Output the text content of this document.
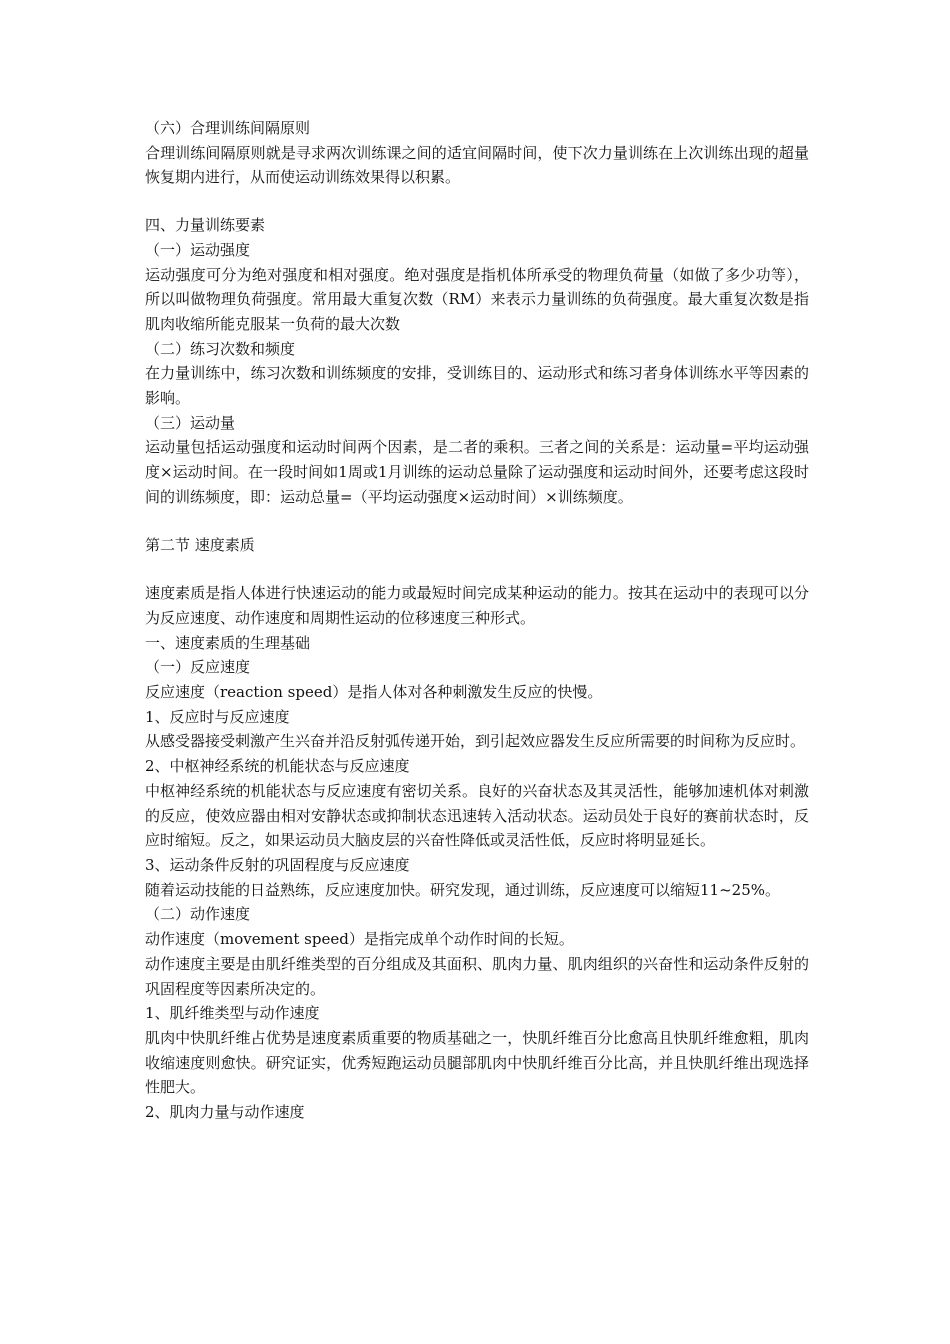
（六）合理训练间隔原则

合理训练间隔原则就是寻求两次训练课之间的适宜间隔时间，使下次力量训练在上次训练出现的超量恢复期内进行，从而使运动训练效果得以积累。

四、力量训练要素

（一）运动强度

运动强度可分为绝对强度和相对强度。绝对强度是指机体所承受的物理负荷量（如做了多少功等），所以叫做物理负荷强度。常用最大重复次数（RM）来表示力量训练的负荷强度。最大重复次数是指肌肉收缩所能克服某一负荷的最大次数

（二）练习次数和频度

在力量训练中，练习次数和训练频度的安排，受训练目的、运动形式和练习者身体训练水平等因素的影响。

（三）运动量

运动量包括运动强度和运动时间两个因素，是二者的乘积。三者之间的关系是：运动量=平均运动强度×运动时间。在一段时间如1周或1月训练的运动总量除了运动强度和运动时间外，还要考虑这段时间的训练频度，即：运动总量=（平均运动强度×运动时间）×训练频度。

第二节 速度素质

速度素质是指人体进行快速运动的能力或最短时间完成某种运动的能力。按其在运动中的表现可以分为反应速度、动作速度和周期性运动的位移速度三种形式。

一、速度素质的生理基础

（一）反应速度

反应速度（reaction speed）是指人体对各种刺激发生反应的快慢。

1、反应时与反应速度

从感受器接受刺激产生兴奋并沿反射弧传递开始，到引起效应器发生反应所需要的时间称为反应时。

2、中枢神经系统的机能状态与反应速度

中枢神经系统的机能状态与反应速度有密切关系。良好的兴奋状态及其灵活性，能够加速机体对刺激的反应，使效应器由相对安静状态或抑制状态迅速转入活动状态。运动员处于良好的赛前状态时，反应时缩短。反之，如果运动员大脑皮层的兴奋性降低或灵活性低，反应时将明显延长。

3、运动条件反射的巩固程度与反应速度

随着运动技能的日益熟练，反应速度加快。研究发现，通过训练，反应速度可以缩短11~25%。

（二）动作速度

动作速度（movement speed）是指完成单个动作时间的长短。

动作速度主要是由肌纤维类型的百分组成及其面积、肌肉力量、肌肉组织的兴奋性和运动条件反射的巩固程度等因素所决定的。

1、肌纤维类型与动作速度

肌肉中快肌纤维占优势是速度素质重要的物质基础之一，快肌纤维百分比愈高且快肌纤维愈粗，肌肉收缩速度则愈快。研究证实，优秀短跑运动员腿部肌肉中快肌纤维百分比高，并且快肌纤维出现选择性肥大。

2、肌肉力量与动作速度
